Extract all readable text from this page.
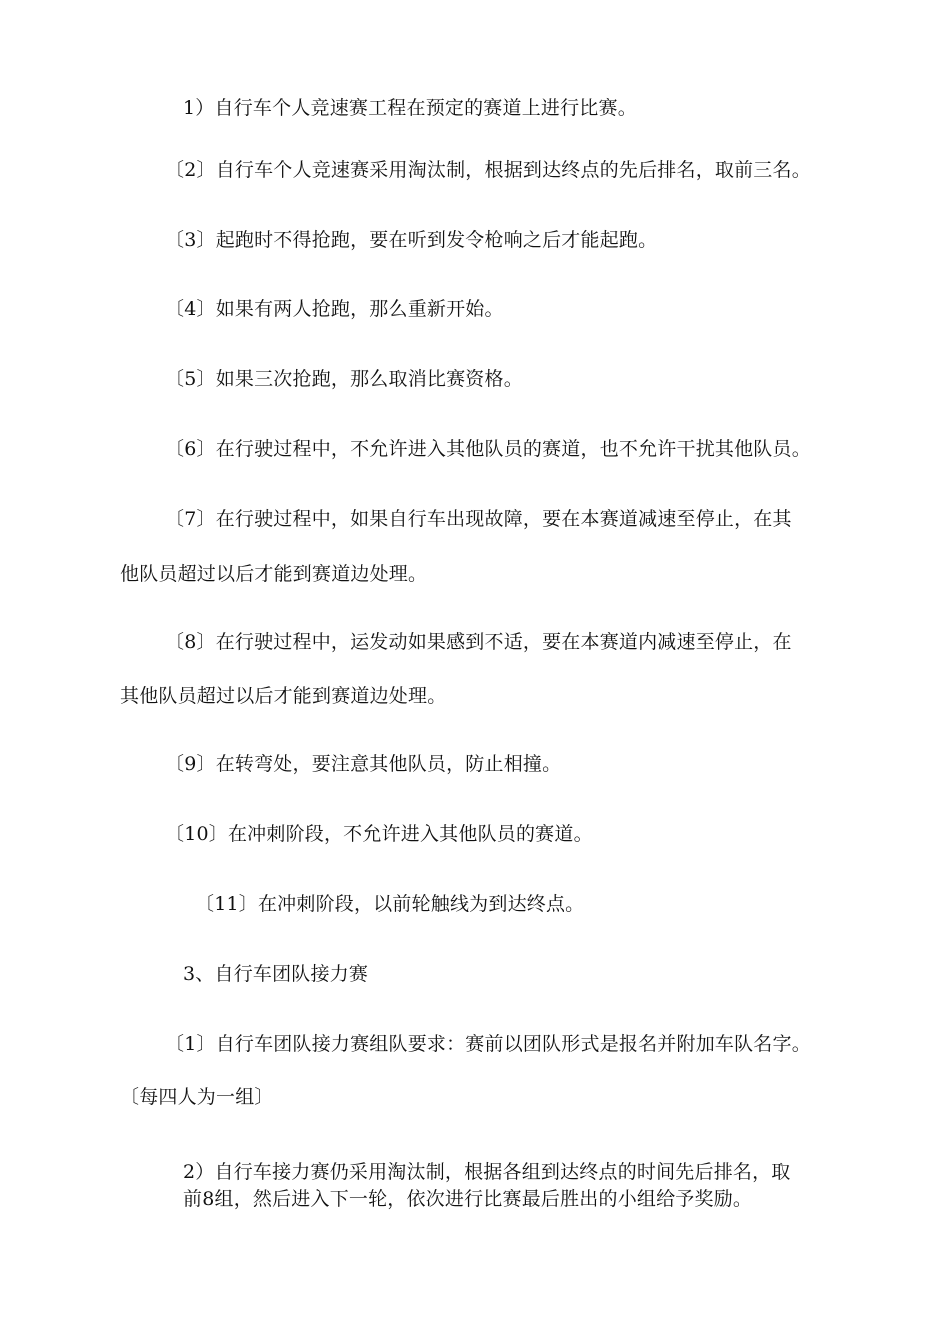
1）自行车个人竞速赛工程在预定的赛道上进行比赛。
〔2〕自行车个人竞速赛采用淘汰制，根据到达终点的先后排名，取前三名。
〔3〕起跑时不得抢跑，要在听到发令枪响之后才能起跑。
〔4〕如果有两人抢跑，那么重新开始。
〔5〕如果三次抢跑，那么取消比赛资格。
〔6〕在行驶过程中，不允许进入其他队员的赛道，也不允许干扰其他队员。
〔7〕在行驶过程中，如果自行车出现故障，要在本赛道减速至停止，在其
他队员超过以后才能到赛道边处理。
〔8〕在行驶过程中，运发动如果感到不适，要在本赛道内减速至停止，在
其他队员超过以后才能到赛道边处理。
〔9〕在转弯处，要注意其他队员，防止相撞。
〔10〕在冲刺阶段，不允许进入其他队员的赛道。
〔11〕在冲刺阶段，以前轮触线为到达终点。
3、自行车团队接力赛
〔1〕自行车团队接力赛组队要求：赛前以团队形式是报名并附加车队名字。
〔每四人为一组〕
2）自行车接力赛仍采用淘汰制，根据各组到达终点的时间先后排名，取
前8组，然后进入下一轮，依次进行比赛最后胜出的小组给予奖励。
